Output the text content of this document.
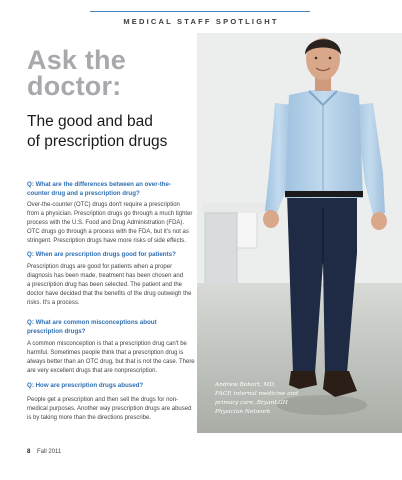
MEDICAL STAFF SPOTLIGHT
Andrew Bohart, MD,
FACP, internal medicine and
primary care, BryanLGH
Physician Network
Ask the
doctor:
The good and bad
of prescription drugs

Q: What are the differences between an over-the-
counter drug and a prescription drug?

Over-the-counter (OTC) drugs don't require a prescription
from a physician. Prescription drugs go through a much tighter
process with the U.S. Food and Drug Administration (FDA).
OTC drugs go through a process with the FDA, but it's not as
stringent. Prescription drugs have more risks of side effects.

Q: When are prescription drugs good for patients?

Prescription drugs are good for patients when a proper
diagnosis has been made, treatment has been chosen and
a prescription drug has been selected. The patient and the
doctor have decided that the benefits of the drug outweigh the
risks. It's a process.

Q: What are common misconceptions about
prescription drugs?

A common misconception is that a prescription drug can't be
harmful. Sometimes people think that a prescription drug is
always better than an OTC drug, but that is not the case. There
are very excellent drugs that are nonprescription.

Q: How are prescription drugs abused?

People get a prescription and then sell the drugs for non-
medical purposes. Another way prescription drugs are abused
is by taking more than the directions prescribe.

8 Fall 2011
